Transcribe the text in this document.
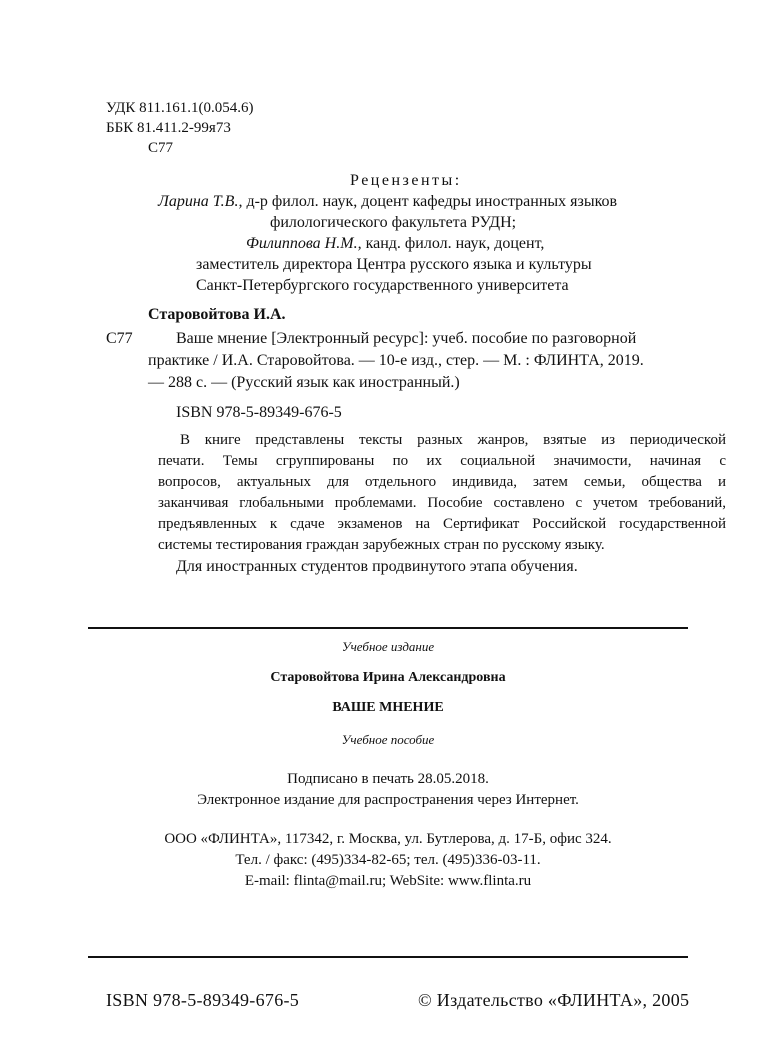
УДК 811.161.1(0.054.6)
ББК 81.411.2-99я73
С77
Рецензенты:
Ларина Т.В., д-р филол. наук, доцент кафедры иностранных языков
филологического факультета РУДН;
Филиппова Н.М., канд. филол. наук, доцент,
заместитель директора Центра русского языка и культуры
Санкт-Петербургского государственного университета
Старовойтова И.А.
С77	Ваше мнение [Электронный ресурс]: учеб. пособие по разговорной
практике / И.А. Старовойтова. — 10-е изд., стер. — М. : ФЛИНТА, 2019.
— 288 с. — (Русский язык как иностранный.)
ISBN 978-5-89349-676-5
В книге представлены тексты разных жанров, взятые из периодической
печати. Темы сгруппированы по их социальной значимости, начиная с
вопросов, актуальных для отдельного индивида, затем семьи, общества и
заканчивая глобальными проблемами. Пособие составлено с учетом требований,
предъявленных к сдаче экзаменов на Сертификат Российской государственной
системы тестирования граждан зарубежных стран по русскому языку.
Для иностранных студентов продвинутого этапа обучения.
Учебное издание
Старовойтова Ирина Александровна
ВАШЕ МНЕНИЕ
Учебное пособие
Подписано в печать 28.05.2018.
Электронное издание для распространения через Интернет.
ООО «ФЛИНТА», 117342, г. Москва, ул. Бутлерова, д. 17-Б, офис 324.
Тел. / факс: (495)334-82-65; тел. (495)336-03-11.
E-mail: flinta@mail.ru; WebSite: www.flinta.ru
ISBN 978-5-89349-676-5	© Издательство «ФЛИНТА», 2005
